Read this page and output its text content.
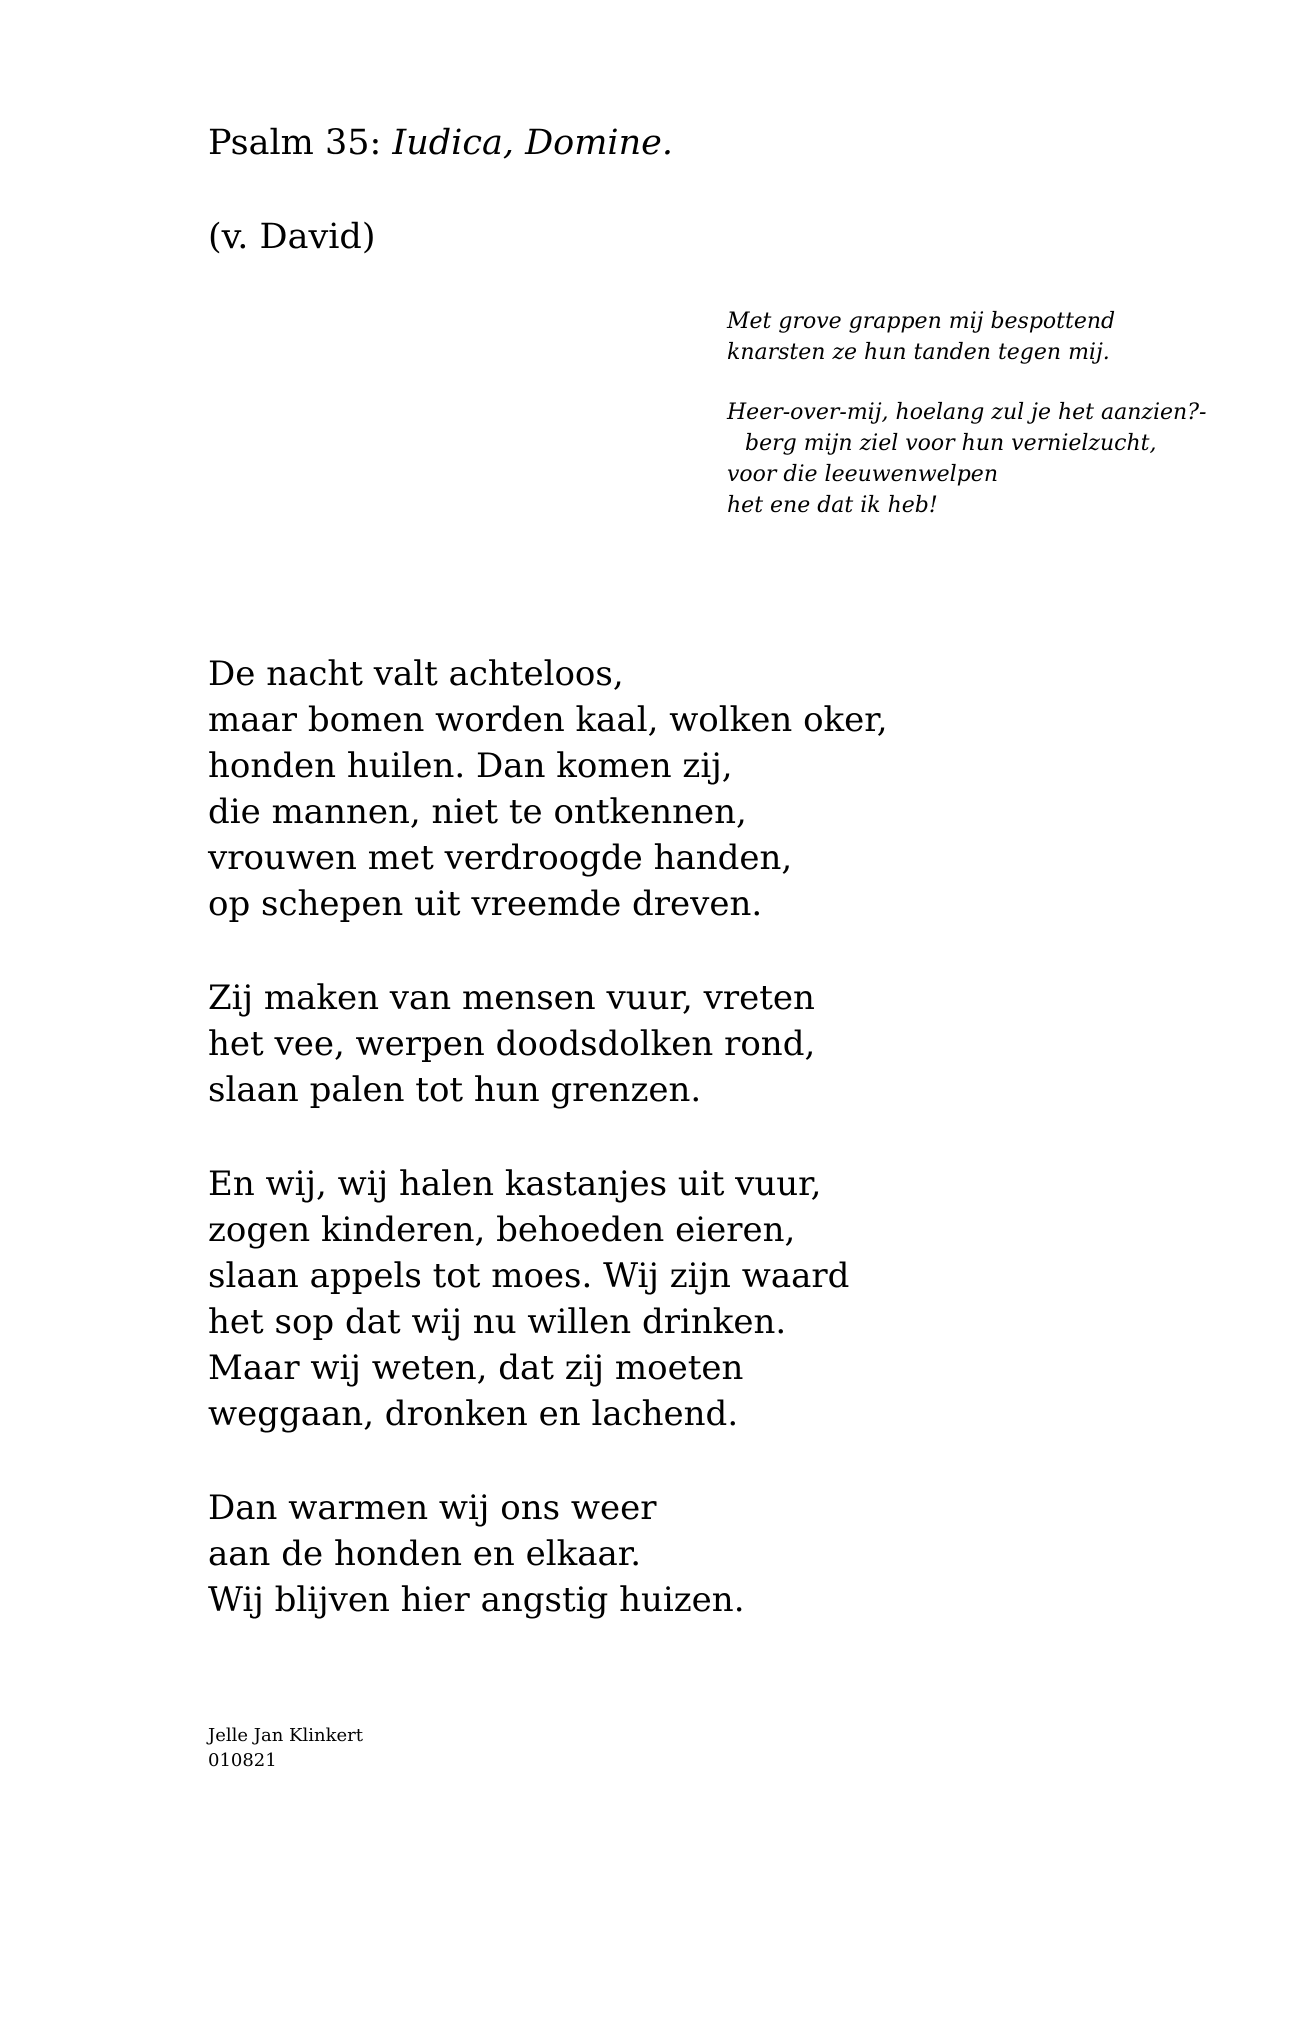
Psalm 35: Iudica, Domine.
(v. David)
Met grove grappen mij bespottend
knarsten ze hun tanden tegen mij.
Heer-over-mij, hoelang zul je het aanzien?-
berg mijn ziel voor hun vernielzucht,
voor die leeuwenwelpen
het ene dat ik heb!
De nacht valt achteloos,
maar bomen worden kaal, wolken oker,
honden huilen. Dan komen zij,
die mannen, niet te ontkennen,
vrouwen met verdroogde handen,
op schepen uit vreemde dreven.
Zij maken van mensen vuur, vreten
het vee, werpen doodsdolken rond,
slaan palen tot hun grenzen.
En wij, wij halen kastanjes uit vuur,
zogen kinderen, behoeden eieren,
slaan appels tot moes. Wij zijn waard
het sop dat wij nu willen drinken.
Maar wij weten, dat zij moeten
weggaan, dronken en lachend.
Dan warmen wij ons weer
aan de honden en elkaar.
Wij blijven hier angstig huizen.
Jelle Jan Klinkert
010821
